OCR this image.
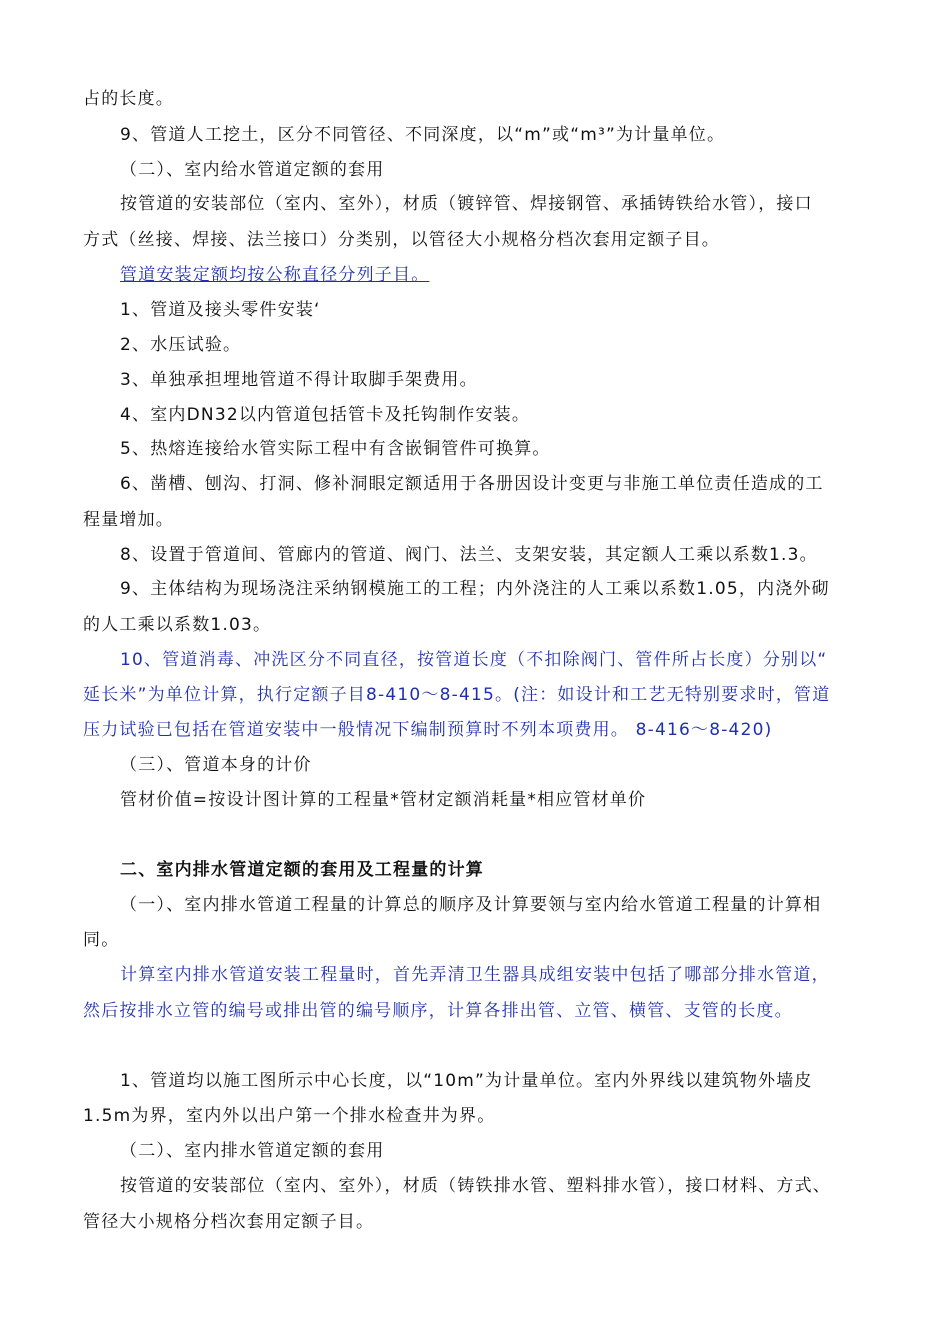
占的长度。
9、管道人工挖土，区分不同管径、不同深度，以“m”或“m³”为计量单位。
（二）、室内给水管道定额的套用
按管道的安装部位（室内、室外），材质（镀锌管、焊接钢管、承插铸铁给水管），接口
方式（丝接、焊接、法兰接口）分类别，以管径大小规格分档次套用定额子目。
管道安装定额均按公称直径分列子目。
1、管道及接头零件安装‘
2、水压试验。
3、单独承担埋地管道不得计取脚手架费用。
4、室内DN32以内管道包括管卡及托钩制作安装。
5、热熔连接给水管实际工程中有含嵌铜管件可换算。
6、凿槽、刨沟、打洞、修补洞眼定额适用于各册因设计变更与非施工单位责任造成的工
程量增加。
8、设置于管道间、管廊内的管道、阀门、法兰、支架安装，其定额人工乘以系数1.3。
9、主体结构为现场浇注采纳钢模施工的工程；内外浇注的人工乘以系数1.05，内浇外砌
的人工乘以系数1.03。
10、管道消毒、冲洗区分不同直径，按管道长度（不扣除阀门、管件所占长度）分别以“
延长米”为单位计算，执行定额子目8-410～8-415。(注：如设计和工艺无特别要求时，管道
压力试验已包括在管道安装中一般情况下编制预算时不列本项费用。 8-416～8-420)
（三）、管道本身的计价
管材价值=按设计图计算的工程量*管材定额消耗量*相应管材单价
二、室内排水管道定额的套用及工程量的计算
（一）、室内排水管道工程量的计算总的顺序及计算要领与室内给水管道工程量的计算相
同。
计算室内排水管道安装工程量时，首先弄清卫生器具成组安装中包括了哪部分排水管道，
然后按排水立管的编号或排出管的编号顺序，计算各排出管、立管、横管、支管的长度。
1、管道均以施工图所示中心长度，以“10m”为计量单位。室内外界线以建筑物外墙皮
1.5m为界，室内外以出户第一个排水检查井为界。
（二）、室内排水管道定额的套用
按管道的安装部位（室内、室外），材质（铸铁排水管、塑料排水管），接口材料、方式、
管径大小规格分档次套用定额子目。
